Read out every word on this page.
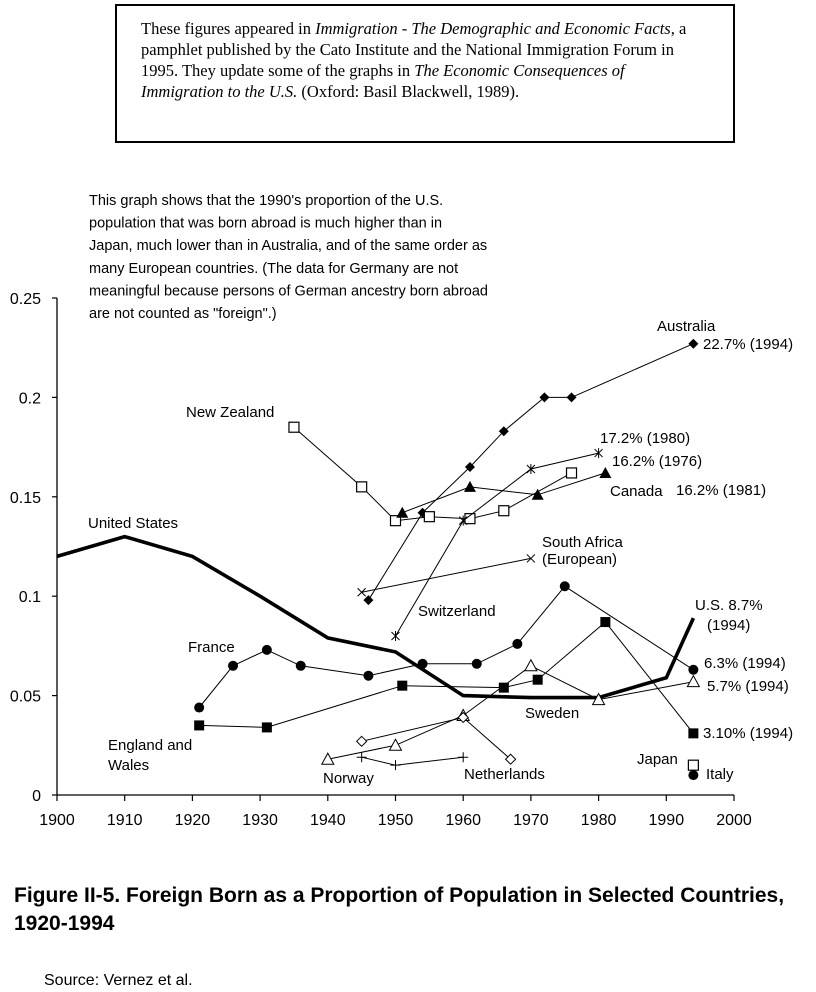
These figures appeared in Immigration - The Demographic and Economic Facts, a pamphlet published by the Cato Institute and the National Immigration Forum in 1995. They update some of the graphs in The Economic Consequences of Immigration to the U.S. (Oxford: Basil Blackwell, 1989).
This graph shows that the 1990's proportion of the U.S.
population that was born abroad is much higher than in
Japan, much lower than in Australia, and of the same order as
many European countries. (The data for Germany are not
meaningful because persons of German ancestry born abroad
are not counted as "foreign".)
1900 1910 1920 1930 1940 1950 1960 1970 1980 1990 2000
0
0.05
0.1
0.15
0.2
0.25
Australia
22.7% (1994)
New Zealand
17.2% (1980)
16.2% (1976)
Canada 16.2% (1981)
United States
South Africa
(European)
Switzerland	U.S. 8.7%
(1994)
France
6.3% (1994)
5.7% (1994)
Sweden
England and
Wales
3.10% (1994)
Japan
Italy
Norway	Netherlands
Figure II-5. Foreign Born as a Proportion of Population in Selected Countries, 1920-1994

Source: Vernez et al.
